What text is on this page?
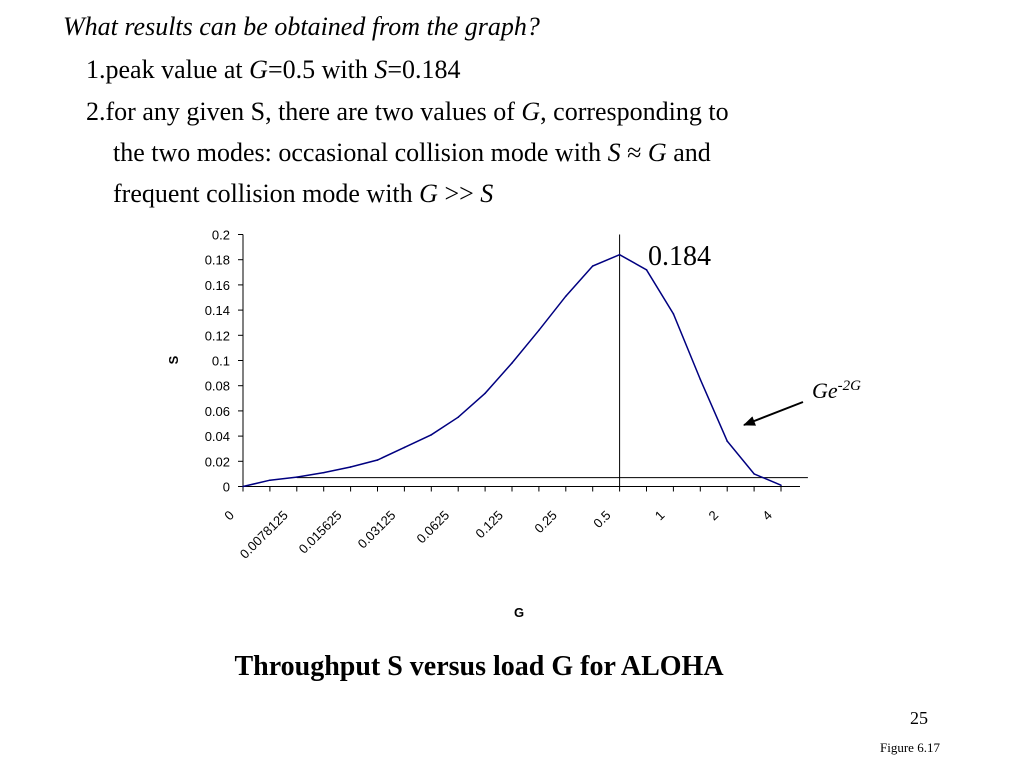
What results can be obtained from the graph?
1.peak value at G=0.5 with S=0.184
2.for any given S, there are two values of G, corresponding to
the two modes: occasional collision mode with S ≈ G and
frequent collision mode with G >> S
0
0.02
0.04
0.06
0.08
0.1
0.12
0.14
0.16
0.18
0.2
0 0.0078125 0.015625 0.03125 0.0625 0.125 0.25 0.5	1	2	4
S
G
0.184
$Ge^{-2G}$
Throughput S versus load G for ALOHA
25
Figure 6.17
